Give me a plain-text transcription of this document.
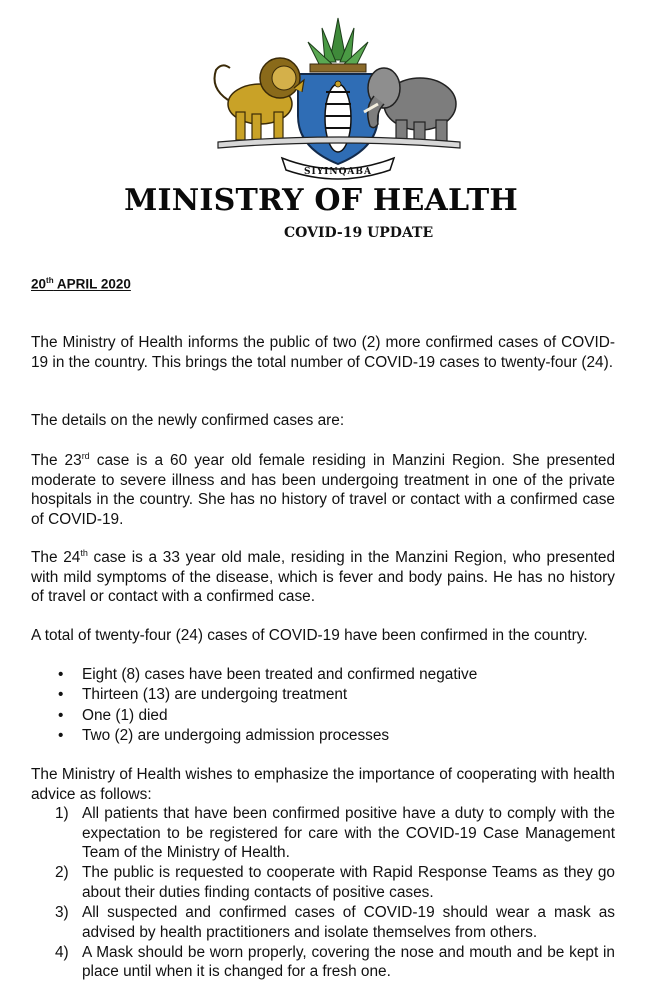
SIYINQABA
MINISTRY OF HEALTH
COVID-19 UPDATE
20th APRIL 2020
The Ministry of Health informs the public of two (2) more confirmed cases of COVID-19 in the country. This brings the total number of COVID-19 cases to twenty-four (24).
The details on the newly confirmed cases are:
The 23rd case is a 60 year old female residing in Manzini Region. She presented moderate to severe illness and has been undergoing treatment in one of the private hospitals in the country. She has no history of travel or contact with a confirmed case of COVID-19.
The 24th case is a 33 year old male, residing in the Manzini Region, who presented with mild symptoms of the disease, which is fever and body pains. He has no history of travel or contact with a confirmed case.
A total of twenty-four (24) cases of COVID-19 have been confirmed in the country.
• Eight (8) cases have been treated and confirmed negative
• Thirteen (13) are undergoing treatment
• One (1) died
• Two (2) are undergoing admission processes
The Ministry of Health wishes to emphasize the importance of cooperating with health advice as follows:
1) All patients that have been confirmed positive have a duty to comply with the expectation to be registered for care with the COVID-19 Case Management Team of the Ministry of Health.
2) The public is requested to cooperate with Rapid Response Teams as they go about their duties finding contacts of positive cases.
3) All suspected and confirmed cases of COVID-19 should wear a mask as advised by health practitioners and isolate themselves from others.
4) A Mask should be worn properly, covering the nose and mouth and be kept in place until when it is changed for a fresh one.
